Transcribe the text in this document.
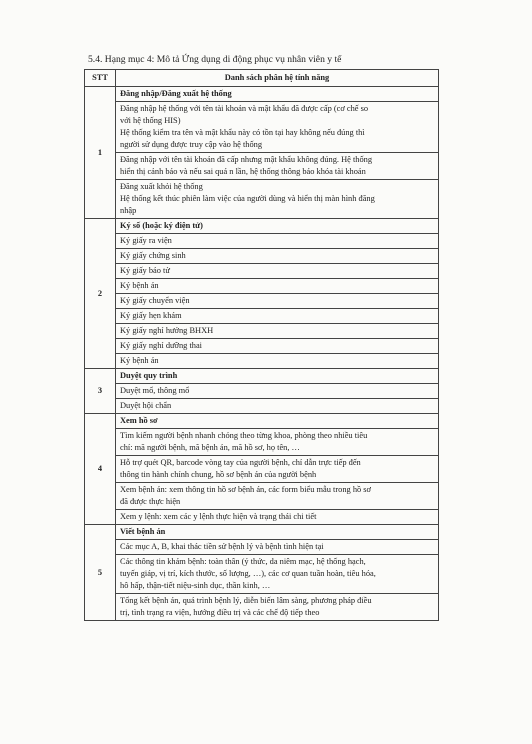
5.4. Hạng mục 4: Mô tả Ứng dụng di động phục vụ nhân viên y tế
STT	Danh sách phân hệ tính năng
1	Đăng nhập/Đăng xuất hệ thống

	Đăng nhập hệ thống với tên tài khoản và mật khẩu đã được cấp (cơ chế so
với hệ thống HIS)
Hệ thống kiểm tra tên và mật khẩu này có tồn tại hay không nếu đúng thì
người sử dụng được truy cập vào hệ thống

	Đăng nhập với tên tài khoản đã cấp nhưng mật khẩu không đúng. Hệ thống
hiển thị cảnh báo và nếu sai quá n lần, hệ thống thông báo khóa tài khoản

	Đăng xuất khỏi hệ thống
Hệ thống kết thúc phiên làm việc của người dùng và hiển thị màn hình đăng
nhập

2	Ký số (hoặc ký điện tử)

	Ký giấy ra viện

	Ký giấy chứng sinh

	Ký giấy báo tử

	Ký bệnh án

	Ký giấy chuyển viện

	Ký giấy hẹn khám

	Ký giấy nghỉ hưởng BHXH

	Ký giấy nghỉ dưỡng thai

	Ký bệnh án

3	Duyệt quy trình

	Duyệt mổ, thông mổ

	Duyệt hội chẩn

4	Xem hồ sơ

	Tìm kiếm người bệnh nhanh chóng theo từng khoa, phòng theo nhiều tiêu
chí: mã người bệnh, mã bệnh án, mã hồ sơ, họ tên, …

	Hỗ trợ quét QR, barcode vòng tay của người bệnh, chỉ dẫn trực tiếp đến
thông tin hành chính chung, hồ sơ bệnh án của người bệnh

	Xem bệnh án: xem thông tin hồ sơ bệnh án, các form biểu mẫu trong hồ sơ
đã được thực hiện

	Xem y lệnh: xem các y lệnh thực hiện và trạng thái chi tiết

5	Viết bệnh án

	Các mục A, B, khai thác tiền sử bệnh lý và bệnh tình hiện tại

	Các thông tin khám bệnh: toàn thân (ý thức, da niêm mạc, hệ thống hạch,
tuyến giáp, vị trí, kích thước, số lượng, …), các cơ quan tuần hoàn, tiêu hóa,
hô hấp, thận-tiết niệu-sinh dục, thần kinh, …

	Tổng kết bệnh án, quá trình bệnh lý, diễn biến lâm sàng, phương pháp điều
trị, tình trạng ra viện, hướng điều trị và các chế độ tiếp theo
